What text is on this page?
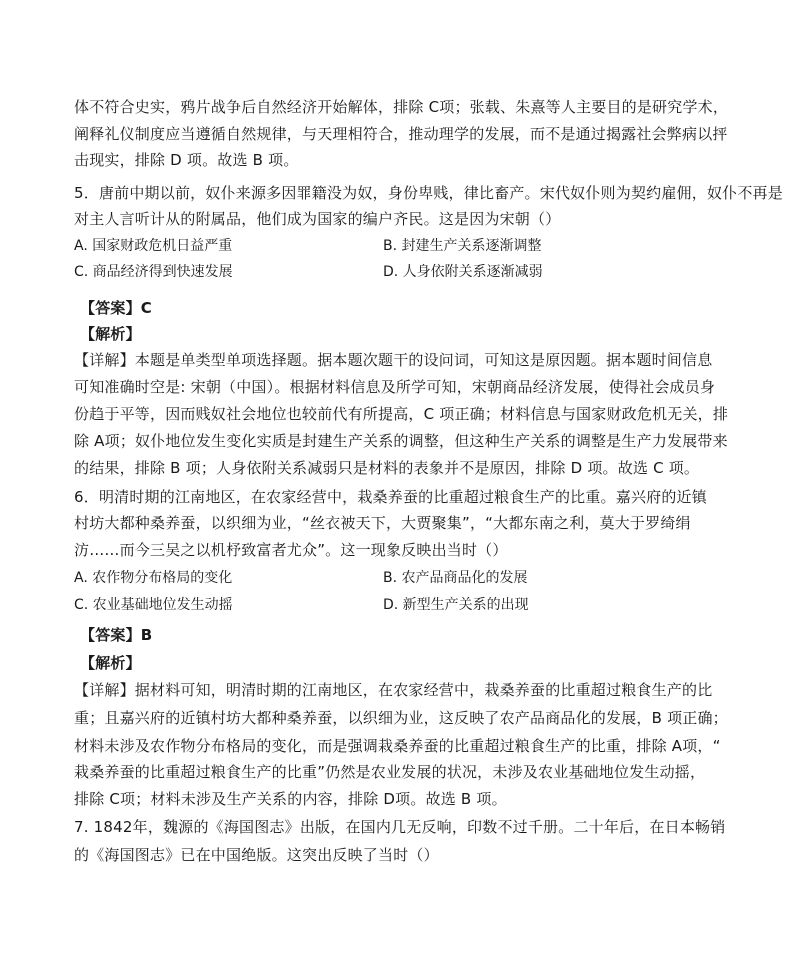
体不符合史实，鸦片战争后自然经济开始解体，排除 C项；张载、朱熹等人主要目的是研究学术，
阐释礼仪制度应当遵循自然规律，与天理相符合，推动理学的发展，而不是通过揭露社会弊病以抨
击现实，排除 D 项。故选 B 项。
5．唐前中期以前，奴仆来源多因罪籍没为奴，身份卑贱，律比畜产。宋代奴仆则为契约雇佣，奴仆不再是
对主人言听计从的附属品，他们成为国家的编户齐民。这是因为宋朝（）
A. 国家财政危机日益严重	B. 封建生产关系逐渐调整
C. 商品经济得到快速发展	D. 人身依附关系逐渐减弱
【答案】C
【解析】
【详解】本题是单类型单项选择题。据本题次题干的设问词，可知这是原因题。据本题时间信息
可知准确时空是: 宋朝（中国）。根据材料信息及所学可知，宋朝商品经济发展，使得社会成员身
份趋于平等，因而贱奴社会地位也较前代有所提高，C 项正确；材料信息与国家财政危机无关，排
除 A项；奴仆地位发生变化实质是封建生产关系的调整，但这种生产关系的调整是生产力发展带来
的结果，排除 B 项；人身依附关系减弱只是材料的表象并不是原因，排除 D 项。故选 C 项。
6．明清时期的江南地区，在农家经营中，栽桑养蚕的比重超过粮食生产的比重。嘉兴府的近镇
村坊大都种桑养蚕，以织细为业，“丝衣被天下，大贾聚集”，“大都东南之利，莫大于罗绮绢
汸……而今三吴之以机杼致富者尤众”。这一现象反映出当时（）
A. 农作物分布格局的变化	B. 农产品商品化的发展
C. 农业基础地位发生动摇	D. 新型生产关系的出现
【答案】B
【解析】
【详解】据材料可知，明清时期的江南地区，在农家经营中，栽桑养蚕的比重超过粮食生产的比
重；且嘉兴府的近镇村坊大都种桑养蚕，以织细为业，这反映了农产品商品化的发展，B 项正确；
材料未涉及农作物分布格局的变化，而是强调栽桑养蚕的比重超过粮食生产的比重，排除 A项，“
栽桑养蚕的比重超过粮食生产的比重”仍然是农业发展的状况，未涉及农业基础地位发生动摇，
排除 C项；材料未涉及生产关系的内容，排除 D项。故选 B 项。
7. 1842年，魏源的《海国图志》出版，在国内几无反响，印数不过千册。二十年后，在日本畅销
的《海国图志》已在中国绝版。这突出反映了当时（）
